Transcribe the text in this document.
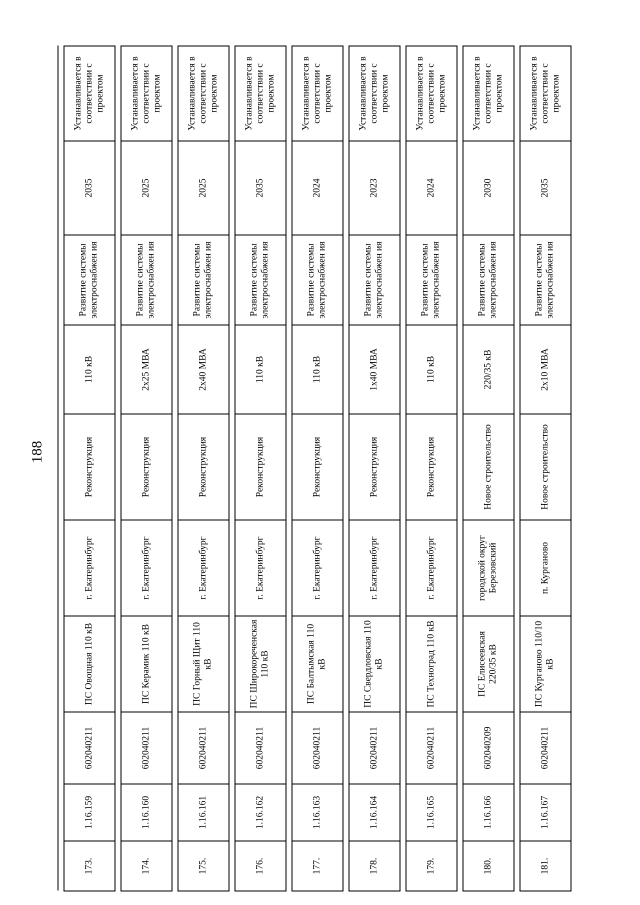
188

173.	1.16.159	602040211	ПС Овощная 110 кВ	г. Екатеринбург	Реконструкция	110 кВ	Развитие системы электроснабжен ия	2035	Устанавливается в соответствии с проектом

174.	1.16.160	602040211	ПС Керамик 110 кВ	г. Екатеринбург	Реконструкция	2х25 МВА	Развитие системы электроснабжен ия	2025	Устанавливается в соответствии с проектом

175.	1.16.161	602040211	ПС Горный Щит 110 кВ	г. Екатеринбург	Реконструкция	2х40 МВА	Развитие системы электроснабжен ия	2025	Устанавливается в соответствии с проектом

176.	1.16.162	602040211	ПС Широкореченская 110 кВ	г. Екатеринбург	Реконструкция	110 кВ	Развитие системы электроснабжен ия	2035	Устанавливается в соответствии с проектом

177.	1.16.163	602040211	ПС Балтымская 110 кВ	г. Екатеринбург	Реконструкция	110 кВ	Развитие системы электроснабжен ия	2024	Устанавливается в соответствии с проектом

178.	1.16.164	602040211	ПС Свердловская 110 кВ	г. Екатеринбург	Реконструкция	1х40 МВА	Развитие системы электроснабжен ия	2023	Устанавливается в соответствии с проектом

179.	1.16.165	602040211	ПС Техноград 110 кВ	г. Екатеринбург	Реконструкция	110 кВ	Развитие системы электроснабжен ия	2024	Устанавливается в соответствии с проектом

180.	1.16.166	602040209	ПС Елисеевская 220/35 кВ	городской округ Березовский	Новое строительство	220/35 кВ	Развитие системы электроснабжен ия	2030	Устанавливается в соответствии с проектом

181.	1.16.167	602040211	ПС Курганово 110/10 кВ	п. Курганово	Новое строительство	2х10 МВА	Развитие системы электроснабжен ия	2035	Устанавливается в соответствии с проектом
